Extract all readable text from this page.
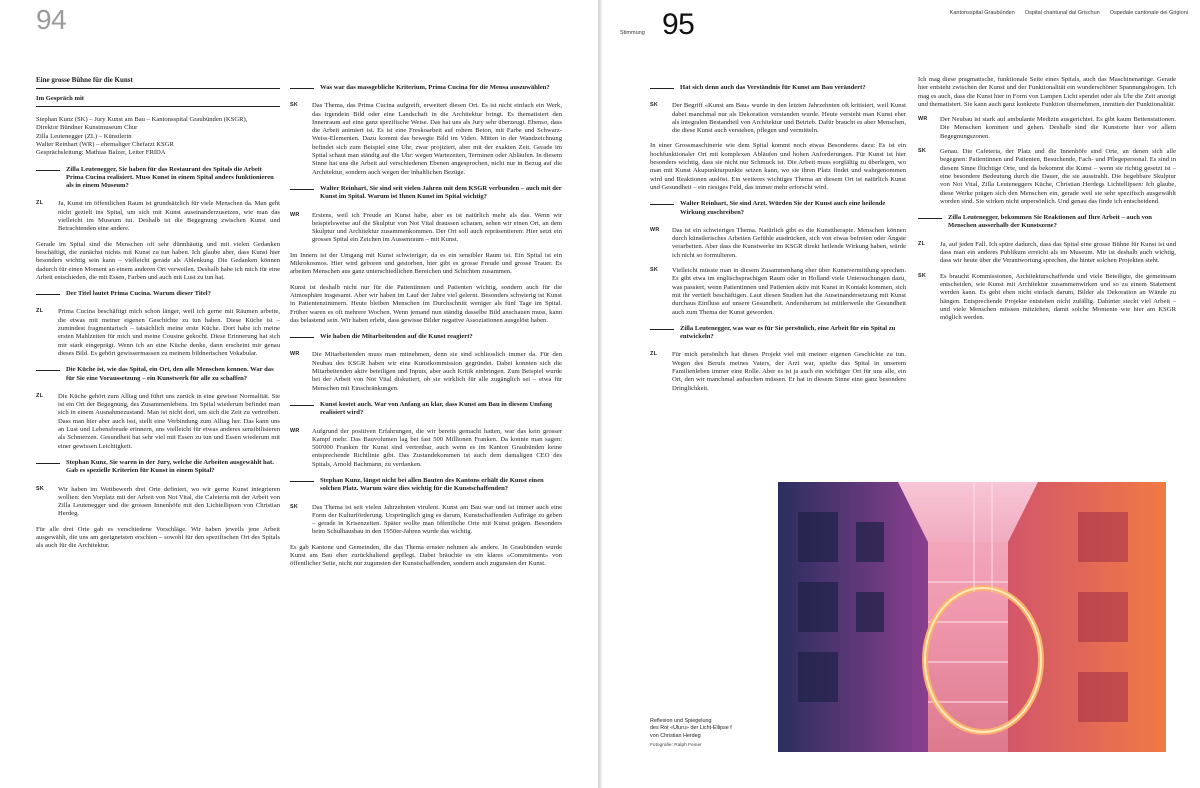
94
Eine grosse Bühne für die Kunst
Im Gespräch mit
Stephan Kunz (SK) – Jury Kunst am Bau – Kantonsspital Graubünden (KSGR),
Direktor Bündner Kunstmuseum Chur
Zilla Leutenegger (ZL) – Künstlerin
Walter Reinhart (WR) – ehemaliger Chefarzt KSGR
Gesprächsleitung: Mathias Balzer, Leiter FRIDA
Zilla Leutenegger, Sie haben für das Restaurant des Spitals die Arbeit Prima Cucina realisiert. Muss Kunst in einem Spital anders funktionieren als in einem Museum?

ZL Ja, Kunst im öffentlichen Raum ist grundsätzlich für viele Menschen da. Man geht nicht gezielt ins Spital, um sich mit Kunst auseinanderzusetzen, wie man das vielleicht im Museum tut. Deshalb ist die Begegnung zwischen Kunst und Betrachtenden eine andere.

Gerade im Spital sind die Menschen oft sehr dünnhäutig und mit vielen Gedanken beschäftigt, die zunächst nichts mit Kunst zu tun haben. Ich glaube aber, dass Kunst hier besonders wichtig sein kann – vielleicht gerade als Ablenkung. Die Gedanken können dadurch für einen Moment an einem anderen Ort verweilen. Deshalb habe ich mich für eine Arbeit entschieden, die mit Essen, Farben und auch mit Lust zu tun hat.

Der Titel lautet Prima Cucina. Warum dieser Titel?

ZL Prima Cucina beschäftigt mich schon länger, weil ich gerne mit Räumen arbeite, die etwas mit meiner eigenen Geschichte zu tun haben. Diese Küche ist – zumindest fragmentarisch – tatsächlich meine erste Küche. Dort habe ich meine ersten Mahlzeiten für mich und meine Cousine gekocht. Diese Erinnerung hat sich mir stark eingeprägt. Wenn ich an eine Küche denke, dann erscheint mir genau dieses Bild. Es gehört gewissermassen zu meinem bildnerischen Vokabular.

Die Küche ist, wie das Spital, ein Ort, den alle Menschen kennen. War das für Sie eine Voraussetzung – ein Kunstwerk für alle zu schaffen?

ZL Die Küche gehört zum Alltag und führt uns zurück in eine gewisse Normalität. Sie ist ein Ort der Begegnung, des Zusammenlebens. Im Spital wiederum befindet man sich in einem Ausnahmezustand. Man ist nicht dort, um sich die Zeit zu vertreiben. Dass man hier aber auch isst, stellt eine Verbindung zum Alltag her. Das kann uns an Lust und Lebensfreude erinnern, uns vielleicht für etwas anderes sensibilisieren als Schmerzen. Gesundheit hat sehr viel mit Essen zu tun und Essen wiederum mit einer gewissen Leichtigkeit.

Stephan Kunz, Sie waren in der Jury, welche die Arbeiten ausgewählt hat. Gab es spezielle Kriterien für Kunst in einem Spital?

SK Wir haben im Wettbewerb drei Orte definiert, wo wir gerne Kunst integrieren wollten: den Vorplatz mit der Arbeit von Not Vital, die Cafeteria mit der Arbeit von Zilla Leutenegger und die grossen Innenhöfe mit den Lichtellipsen von Christian Herdeg.

Für alle drei Orte gab es verschiedene Vorschläge. Wir haben jeweils jene Arbeit ausgewählt, die uns am geeignetsten erschien – sowohl für den spezifischen Ort des Spitals als auch für die Architektur.

Was war das massgebliche Kriterium, Prima Cucina für die Mensa auszuwählen?

SK Das Thema, das Prima Cucina aufgreift, erweitert diesen Ort. Es ist nicht einfach ein Werk, das irgendein Bild oder eine Landschaft in die Architektur bringt. Es thematisiert den Innenraum auf eine ganz spezifische Weise. Das hat uns als Jury sehr überzeugt. Ebenso, dass die Arbeit animiert ist. Es ist eine Freskoarbeit auf rohem Beton, mit Farbe und Schwarz-Weiss-Elementen. Dazu kommt das bewegte Bild im Video. Mitten in der Wandzeichnung befindet sich zum Beispiel eine Uhr, zwar projiziert, aber mit der exakten Zeit. Gerade im Spital schaut man ständig auf die Uhr: wegen Wartezeiten, Terminen oder Abläufen. In diesem Sinne hat uns die Arbeit auf verschiedenen Ebenen angesprochen, nicht nur in Bezug auf die Architektur, sondern auch wegen der inhaltlichen Bezüge.

Walter Reinhart, Sie sind seit vielen Jahren mit dem KSGR verbunden – auch mit der Kunst im Spital. Warum ist Ihnen Kunst im Spital wichtig?

WR Erstens, weil ich Freude an Kunst habe, aber es ist natürlich mehr als das. Wenn wir beispielsweise auf die Skulptur von Not Vital draussen schauen, sehen wir einen Ort, an dem Skulptur und Architektur zusammenkommen. Der Ort soll auch repräsentieren: Hier setzt ein grosses Spital ein Zeichen im Aussenraum – mit Kunst.

Im Innern ist der Umgang mit Kunst schwieriger, da es ein sensibler Raum ist. Ein Spital ist ein Mikrokosmos. Hier wird geboren und gestorben, hier gibt es grosse Freude und grosse Trauer. Es arbeiten Menschen aus ganz unterschiedlichen Bereichen und Schichten zusammen.

Kunst ist deshalb nicht nur für die Patientinnen und Patienten wichtig, sondern auch für die Atmosphäre insgesamt. Aber wir haben im Lauf der Jahre viel gelernt. Besonders schwierig ist Kunst in Patientenzimmern. Heute bleiben Menschen im Durchschnitt weniger als fünf Tage im Spital. Früher waren es oft mehrere Wochen. Wenn jemand nun ständig dasselbe Bild anschauen muss, kann das belastend sein. Wir haben erlebt, dass gewisse Bilder negative Assoziationen ausgelöst haben.

Wie haben die Mitarbeitenden auf die Kunst reagiert?

WR Die Mitarbeitenden muss man mitnehmen, denn sie sind schliesslich immer da. Für den Neubau des KSGR haben wir eine Kunstkommission gegründet. Dabei konnten sich die Mitarbeitenden aktiv beteiligen und Inputs, aber auch Kritik einbringen. Zum Beispiel wurde bei der Arbeit von Not Vital diskutiert, ob sie wirklich für alle zugänglich sei – etwa für Menschen mit Einschränkungen.

Kunst kostet auch. War von Anfang an klar, dass Kunst am Bau in diesem Umfang realisiert wird?

WR Aufgrund der positiven Erfahrungen, die wir bereits gemacht hatten, war das kein grosser Kampf mehr. Das Bauvolumen lag bei fast 500 Millionen Franken. Da konnte man sagen: 500'000 Franken für Kunst sind vertretbar, auch wenn es im Kanton Graubünden keine entsprechende Richtlinie gibt. Das Zustandekommen ist auch dem damaligen CEO des Spitals, Arnold Bachmann, zu verdanken.

Stephan Kunz, längst nicht bei allen Bauten des Kantons erhält die Kunst einen solchen Platz. Warum wäre dies wichtig für die Kunstschaffenden?

SK Das Thema ist seit vielen Jahrzehnten virulent. Kunst am Bau war und ist immer auch eine Form der Kulturförderung. Ursprünglich ging es darum, Kunstschaffenden Aufträge zu geben – gerade in Krisenzeiten. Später wollte man öffentliche Orte mit Kunst prägen. Besonders beim Schulhausbau in den 1950er-Jahren wurde das wichtig.

Es gab Kantone und Gemeinden, die das Thema ernster nehmen als andere. In Graubünden wurde Kunst am Bau eher zurückhaltend gepflegt. Dabei bräuchte es ein klares «Commitment» von öffentlicher Seite, nicht nur zugunsten der Kunstschaffenden, sondern auch zugunsten der Kunst.

Stimmung 95	Kantonsspital Graubünden Ospital chantunal dal Grischun Ospedale cantonale dei Grigioni
Hat sich denn auch das Verständnis für Kunst am Bau verändert?

SK Der Begriff «Kunst am Bau» wurde in den letzten Jahrzehnten oft kritisiert, weil Kunst dabei manchmal nur als Dekoration verstanden wurde. Heute versteht man Kunst eher als integralen Bestandteil von Architektur und Betrieb. Dafür braucht es aber Menschen, die diese Kunst auch verstehen, pflegen und vermitteln.

In einer Grossmaschinerie wie dem Spital kommt noch etwas Besonderes dazu: Es ist ein hochfunktionaler Ort mit komplexen Abläufen und hohen Anforderungen. Für Kunst ist hier besonders wichtig, dass sie nicht nur Schmuck ist. Die Arbeit muss sorgfältig zu überlegen, wo man mit Kunst Akupunkturpunkte setzen kann, wo sie ihren Platz findet und wahrgenommen wird und Reaktionen auslöst. Ein weiteres wichtiges Thema an diesem Ort ist natürlich Kunst und Gesundheit – ein riesiges Feld, das immer mehr erforscht wird.

Walter Reinhart, Sie sind Arzt. Würden Sie der Kunst auch eine heilende Wirkung zuschreiben?

WR Das ist ein schwieriges Thema. Natürlich gibt es die Kunsttherapie. Menschen können durch künstlerisches Arbeiten Gefühle ausdrücken, sich von etwas befreien oder Ängste verarbeiten. Aber dass die Kunstwerke im KSGR direkt heilende Wirkung haben, würde ich nicht so formulieren.

SK Vielleicht müsste man in diesem Zusammenhang eher über Kunstvermittlung sprechen. Es gibt etwa im englischsprachigen Raum oder in Holland viele Untersuchungen dazu, was passiert, wenn Patientinnen und Patienten aktiv mit Kunst in Kontakt kommen, sich mit ihr vertieft beschäftigen. Laut diesen Studien hat die Auseinandersetzung mit Kunst durchaus Einfluss auf unsere Gesundheit. Andersherum ist mittlerweile die Gesundheit auch zum Thema der Kunst geworden.

Zilla Leutenegger, was war es für Sie persönlich, eine Arbeit für ein Spital zu entwickeln?

ZL Für mich persönlich hat dieses Projekt viel mit meiner eigenen Geschichte zu tun. Wegen des Berufs meines Vaters, der Arzt war, spielte das Spital in unserem Familienleben immer eine Rolle. Aber es ist ja auch ein wichtiger Ort für uns alle, ein Ort, den wir manchmal aufsuchen müssen. Er hat in diesem Sinne eine ganz besondere Dringlichkeit.

Ich mag diese pragmatische, funktionale Seite eines Spitals, auch das Maschinenartige. Gerade hier entsteht zwischen der Kunst und der Funktionalität ein wunderschöner Spannungsbogen. Ich mag es auch, dass die Kunst hier in Form von Lampen Licht spendet oder als Uhr die Zeit anzeigt und thematisiert. Sie kann auch ganz konkrete Funktion übernehmen, inmitten der Funktionalität.

WR Der Neubau ist stark auf ambulante Medizin ausgerichtet. Es gibt kaum Bettenstationen. Die Menschen kommen und gehen. Deshalb sind die Kunstorte hier vor allem Begegnungszonen.

SK Genau. Die Cafeteria, der Platz und die Innenhöfe sind Orte, an denen sich alle begegnen: Patientinnen und Patienten, Besuchende, Fach- und Pflegepersonal. Es sind in diesem Sinne flüchtige Orte, und da bekommt die Kunst – wenn sie richtig gesetzt ist – eine besondere Bedeutung durch die Dauer, die sie ausstrahlt. Die begehbare Skulptur von Not Vital, Zilla Leuteneggers Küche, Christian Herdegs Lichtellipsen: Ich glaube, diese Werke prägen sich den Menschen ein, gerade weil sie sehr spezifisch ausgewählt worden sind. Sie wirken nicht unpersönlich. Und genau das finde ich entscheidend.

Zilla Leutenegger, bekommen Sie Reaktionen auf Ihre Arbeit – auch von Menschen ausserhalb der Kunstszene?

ZL Ja, auf jeden Fall. Ich spüre dadurch, dass das Spital eine grosse Bühne für Kunst ist und dass man ein anderes Publikum erreicht als im Museum. Mir ist deshalb auch wichtig, dass wir heute über die Verantwortung sprechen, die hinter solchen Projekten steht.

SK Es braucht Kommissionen, Architekturschaffende und viele Beteiligte, die gemeinsam entscheiden, wie Kunst mit Architektur zusammenwirken und so zu einem Statement werden kann. Es geht eben nicht einfach darum, Bilder als Dekoration an Wände zu hängen. Entsprechende Projekte entstehen nicht zufällig. Dahinter steckt viel Arbeit – und viele Menschen müssen mitziehen, damit solche Momente wie hier am KSGR möglich werden.

Reflexion und Spiegelung
des Rot «Uluru» der Licht-Ellipse f
von Christian Herdeg
Fotografie: Ralph Feiner
